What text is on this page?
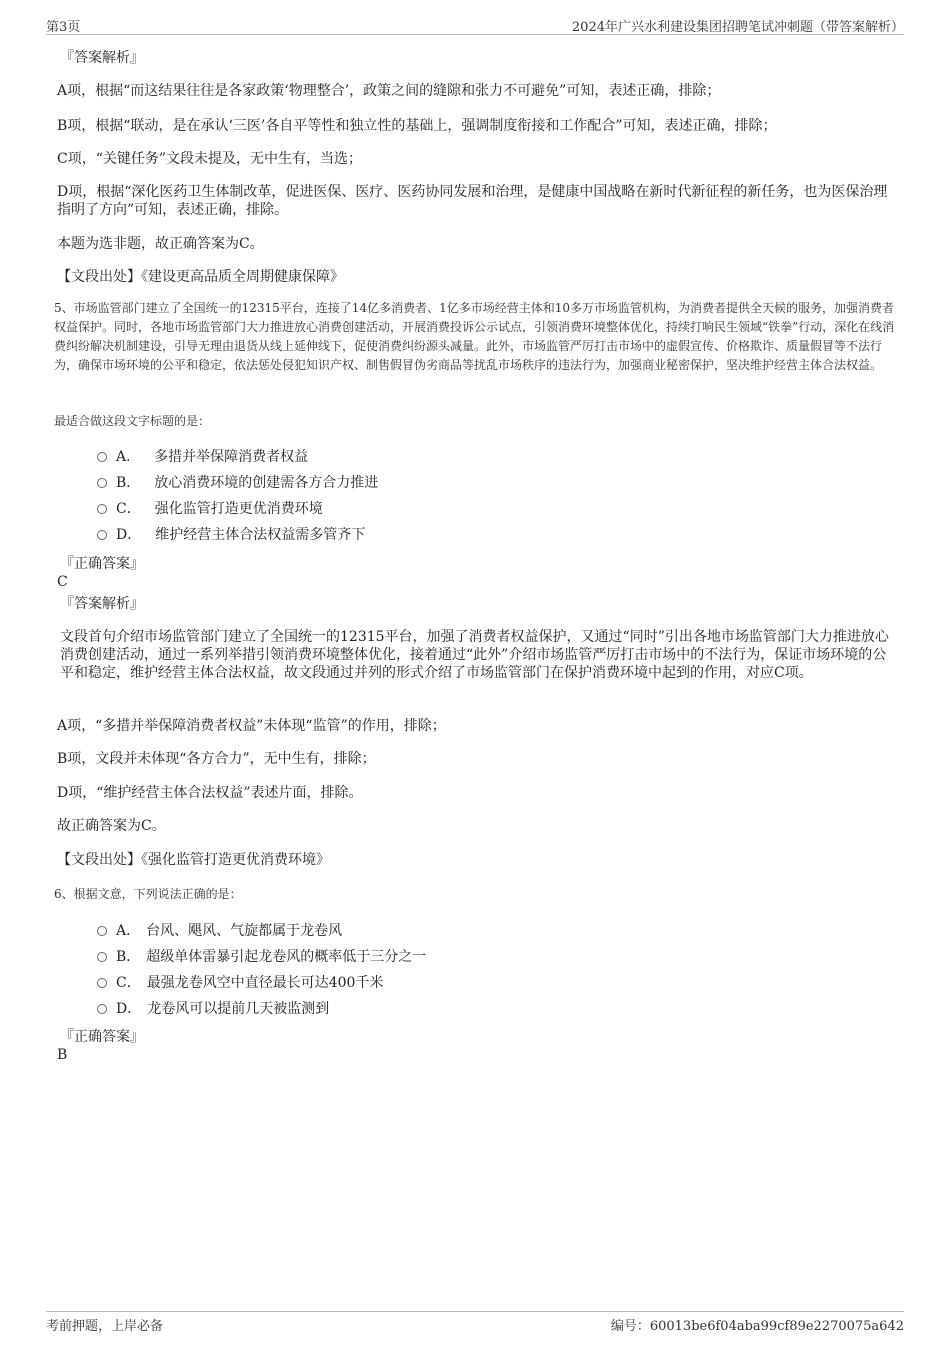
第3页	2024年广兴水利建设集团招聘笔试冲刺题（带答案解析）
『答案解析』
A项，根据“而这结果往往是各家政策‘物理整合’，政策之间的缝隙和张力不可避免”可知，表述正确，排除；
B项，根据“联动，是在承认‘三医’各自平等性和独立性的基础上，强调制度衔接和工作配合”可知，表述正确，排除；
C项，“关键任务”文段未提及，无中生有，当选；
D项，根据“深化医药卫生体制改革，促进医保、医疗、医药协同发展和治理，是健康中国战略在新时代新征程的新任务，也为医保治理指明了方向”可知，表述正确，排除。
本题为选非题，故正确答案为C。
【文段出处】《建设更高品质全周期健康保障》
5、市场监管部门建立了全国统一的12315平台，连接了14亿多消费者、1亿多市场经营主体和10多万市场监管机构，为消费者提供全天候的服务，加强消费者权益保护。同时，各地市场监管部门大力推进放心消费创建活动，开展消费投诉公示试点，引领消费环境整体优化，持续打响民生领域“铁拳”行动，深化在线消费纠纷解决机制建设，引导无理由退货从线上延伸线下，促使消费纠纷源头减量。此外，市场监管严厉打击市场中的虚假宣传、价格欺诈、质量假冒等不法行为，确保市场环境的公平和稳定，依法惩处侵犯知识产权、制售假冒伪劣商品等扰乱市场秩序的违法行为，加强商业秘密保护，坚决维护经营主体合法权益。
最适合做这段文字标题的是：
A． 多措并举保障消费者权益
B． 放心消费环境的创建需各方合力推进
C． 强化监管打造更优消费环境
D． 维护经营主体合法权益需多管齐下
『正确答案』
C
『答案解析』
文段首句介绍市场监管部门建立了全国统一的12315平台，加强了消费者权益保护，又通过“同时”引出各地市场监管部门大力推进放心消费创建活动，通过一系列举措引领消费环境整体优化，接着通过“此外”介绍市场监管严厉打击市场中的不法行为，保证市场环境的公平和稳定，维护经营主体合法权益，故文段通过并列的形式介绍了市场监管部门在保护消费环境中起到的作用，对应C项。
A项，“多措并举保障消费者权益”未体现“监管”的作用，排除；
B项，文段并未体现“各方合力”，无中生有，排除；
D项，“维护经营主体合法权益”表述片面，排除。
故正确答案为C。
【文段出处】《强化监管打造更优消费环境》
6、根据文意，下列说法正确的是：
A． 台风、飓风、气旋都属于龙卷风
B． 超级单体雷暴引起龙卷风的概率低于三分之一
C． 最强龙卷风空中直径最长可达400千米
D． 龙卷风可以提前几天被监测到
『正确答案』
B
考前押题，上岸必备	编号：60013be6f04aba99cf89e2270075a642
